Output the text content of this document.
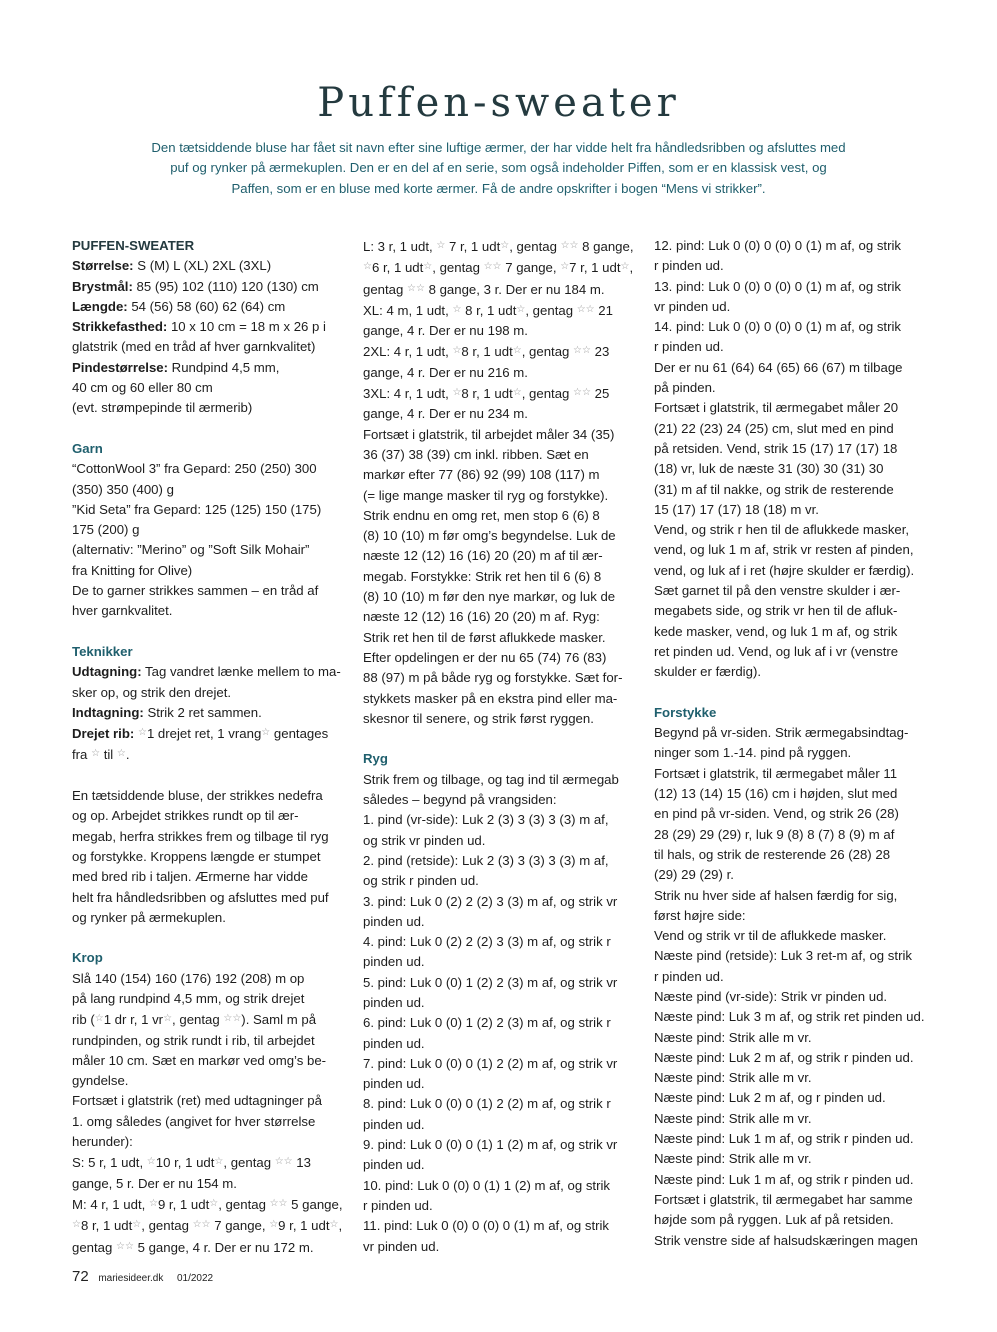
Puffen-sweater

Den tætsiddende bluse har fået sit navn efter sine luftige ærmer, der har vidde helt fra håndledsribben og afsluttes med puf og rynker på ærmekuplen. Den er en del af en serie, som også indeholder Piffen, som er en klassisk vest, og Paffen, som er en bluse med korte ærmer. Få de andre opskrifter i bogen “Mens vi strikker”.

PUFFEN-SWEATER
Størrelse: S (M) L (XL) 2XL (3XL)
Brystmål: 85 (95) 102 (110) 120 (130) cm
Længde: 54 (56) 58 (60) 62 (64) cm
Strikkefasthed: 10 x 10 cm = 18 m x 26 p i
glatstrik (med en tråd af hver garnkvalitet)
Pindestørrelse: Rundpind 4,5 mm,
40 cm og 60 eller 80 cm
(evt. strømpepinde til ærmerib)
Garn
“CottonWool 3” fra Gepard: 250 (250) 300
(350) 350 (400) g
”Kid Seta” fra Gepard: 125 (125) 150 (175)
175 (200) g
(alternativ: ”Merino” og ”Soft Silk Mohair”
fra Knitting for Olive)
De to garner strikkes sammen – en tråd af
hver garnkvalitet.
Teknikker
Udtagning: Tag vandret lænke mellem to ma-
sker op, og strik den drejet.
Indtagning: Strik 2 ret sammen.
Drejet rib: ☆1 drejet ret, 1 vrang☆ gentages
fra ☆ til ☆.
En tætsiddende bluse, der strikkes nedefra
og op. Arbejdet strikkes rundt op til ær-
megab, herfra strikkes frem og tilbage til ryg
og forstykke. Kroppens længde er stumpet
med bred rib i taljen. Ærmerne har vidde
helt fra håndledsribben og afsluttes med puf
og rynker på ærmekuplen.
Krop
Slå 140 (154) 160 (176) 192 (208) m op
på lang rundpind 4,5 mm, og strik drejet
rib (☆1 dr r, 1 vr☆, gentag ☆☆). Saml m på
rundpinden, og strik rundt i rib, til arbejdet
måler 10 cm. Sæt en markør ved omg’s be-
gyndelse.
Fortsæt i glatstrik (ret) med udtagninger på
1. omg således (angivet for hver størrelse
herunder):
S: 5 r, 1 udt, ☆10 r, 1 udt☆, gentag ☆☆ 13
gange, 5 r. Der er nu 154 m.
M: 4 r, 1 udt, ☆9 r, 1 udt☆, gentag ☆☆ 5 gange,
☆8 r, 1 udt☆, gentag ☆☆ 7 gange, ☆9 r, 1 udt☆,
gentag ☆☆ 5 gange, 4 r. Der er nu 172 m.
L: 3 r, 1 udt, ☆ 7 r, 1 udt☆, gentag ☆☆ 8 gange,
☆6 r, 1 udt☆, gentag ☆☆ 7 gange, ☆7 r, 1 udt☆,
gentag ☆☆ 8 gange, 3 r. Der er nu 184 m.
XL: 4 m, 1 udt, ☆ 8 r, 1 udt☆, gentag ☆☆ 21
gange, 4 r. Der er nu 198 m.
2XL: 4 r, 1 udt, ☆8 r, 1 udt☆, gentag ☆☆ 23
gange, 4 r. Der er nu 216 m.
3XL: 4 r, 1 udt, ☆8 r, 1 udt☆, gentag ☆☆ 25
gange, 4 r. Der er nu 234 m.
Fortsæt i glatstrik, til arbejdet måler 34 (35)
36 (37) 38 (39) cm inkl. ribben. Sæt en
markør efter 77 (86) 92 (99) 108 (117) m
(= lige mange masker til ryg og forstykke).
Strik endnu en omg ret, men stop 6 (6) 8
(8) 10 (10) m før omg’s begyndelse. Luk de
næste 12 (12) 16 (16) 20 (20) m af til ær-
megab. Forstykke: Strik ret hen til 6 (6) 8
(8) 10 (10) m før den nye markør, og luk de
næste 12 (12) 16 (16) 20 (20) m af. Ryg:
Strik ret hen til de først aflukkede masker.
Efter opdelingen er der nu 65 (74) 76 (83)
88 (97) m på både ryg og forstykke. Sæt for-
stykkets masker på en ekstra pind eller ma-
skesnor til senere, og strik først ryggen.
Ryg
Strik frem og tilbage, og tag ind til ærmegab
således – begynd på vrangsiden:
1. pind (vr-side): Luk 2 (3) 3 (3) 3 (3) m af,
og strik vr pinden ud.
2. pind (retside): Luk 2 (3) 3 (3) 3 (3) m af,
og strik r pinden ud.
3. pind: Luk 0 (2) 2 (2) 3 (3) m af, og strik vr
pinden ud.
4. pind: Luk 0 (2) 2 (2) 3 (3) m af, og strik r
pinden ud.
5. pind: Luk 0 (0) 1 (2) 2 (3) m af, og strik vr
pinden ud.
6. pind: Luk 0 (0) 1 (2) 2 (3) m af, og strik r
pinden ud.
7. pind: Luk 0 (0) 0 (1) 2 (2) m af, og strik vr
pinden ud.
8. pind: Luk 0 (0) 0 (1) 2 (2) m af, og strik r
pinden ud.
9. pind: Luk 0 (0) 0 (1) 1 (2) m af, og strik vr
pinden ud.
10. pind: Luk 0 (0) 0 (1) 1 (2) m af, og strik
r pinden ud.
11. pind: Luk 0 (0) 0 (0) 0 (1) m af, og strik
vr pinden ud.
12. pind: Luk 0 (0) 0 (0) 0 (1) m af, og strik
r pinden ud.
13. pind: Luk 0 (0) 0 (0) 0 (1) m af, og strik
vr pinden ud.
14. pind: Luk 0 (0) 0 (0) 0 (1) m af, og strik
r pinden ud.
Der er nu 61 (64) 64 (65) 66 (67) m tilbage
på pinden.
Fortsæt i glatstrik, til ærmegabet måler 20
(21) 22 (23) 24 (25) cm, slut med en pind
på retsiden. Vend, strik 15 (17) 17 (17) 18
(18) vr, luk de næste 31 (30) 30 (31) 30
(31) m af til nakke, og strik de resterende
15 (17) 17 (17) 18 (18) m vr.
Vend, og strik r hen til de aflukkede masker,
vend, og luk 1 m af, strik vr resten af pinden,
vend, og luk af i ret (højre skulder er færdig).
Sæt garnet til på den venstre skulder i ær-
megabets side, og strik vr hen til de afluk-
kede masker, vend, og luk 1 m af, og strik
ret pinden ud. Vend, og luk af i vr (venstre
skulder er færdig).
Forstykke
Begynd på vr-siden. Strik ærmegabsindtag-
ninger som 1.-14. pind på ryggen.
Fortsæt i glatstrik, til ærmegabet måler 11
(12) 13 (14) 15 (16) cm i højden, slut med
en pind på vr-siden. Vend, og strik 26 (28)
28 (29) 29 (29) r, luk 9 (8) 8 (7) 8 (9) m af
til hals, og strik de resterende 26 (28) 28
(29) 29 (29) r.
Strik nu hver side af halsen færdig for sig,
først højre side:
Vend og strik vr til de aflukkede masker.
Næste pind (retside): Luk 3 ret-m af, og strik
r pinden ud.
Næste pind (vr-side): Strik vr pinden ud.
Næste pind: Luk 3 m af, og strik ret pinden ud.
Næste pind: Strik alle m vr.
Næste pind: Luk 2 m af, og strik r pinden ud.
Næste pind: Strik alle m vr.
Næste pind: Luk 2 m af, og r pinden ud.
Næste pind: Strik alle m vr.
Næste pind: Luk 1 m af, og strik r pinden ud.
Næste pind: Strik alle m vr.
Næste pind: Luk 1 m af, og strik r pinden ud.
Fortsæt i glatstrik, til ærmegabet har samme
højde som på ryggen. Luk af på retsiden.
Strik venstre side af halsudskæringen magen
72 mariesideer.dk 01/2022
